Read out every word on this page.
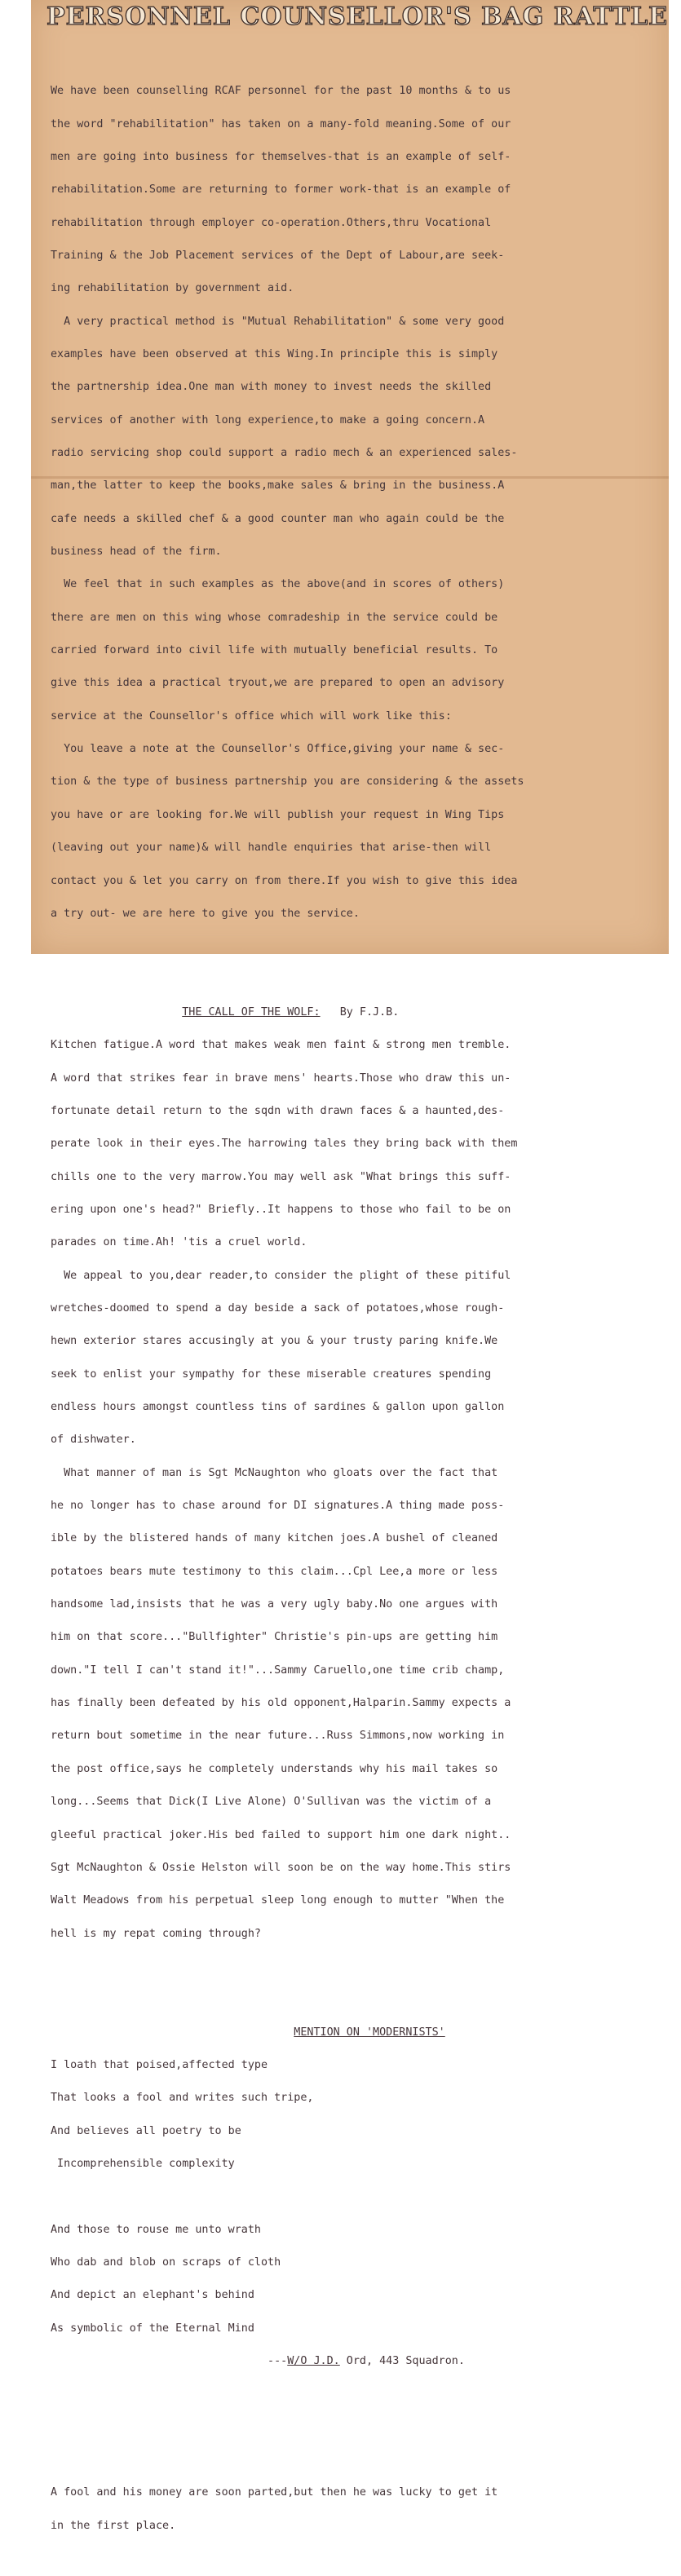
PERSONNEL COUNSELLOR'S BAG RATTLE

We have been counselling RCAF personnel for the past 10 months & to us

the word "rehabilitation" has taken on a many-fold meaning.Some of our

men are going into business for themselves-that is an example of self-

rehabilitation.Some are returning to former work-that is an example of

rehabilitation through employer co-operation.Others,thru Vocational

Training & the Job Placement services of the Dept of Labour,are seek-

ing rehabilitation by government aid.

A very practical method is "Mutual Rehabilitation" & some very good

examples have been observed at this Wing.In principle this is simply

the partnership idea.One man with money to invest needs the skilled

services of another with long experience,to make a going concern.A

radio servicing shop could support a radio mech & an experienced sales-

man,the latter to keep the books,make sales & bring in the business.A

cafe needs a skilled chef & a good counter man who again could be the

business head of the firm.

We feel that in such examples as the above(and in scores of others)

there are men on this wing whose comradeship in the service could be

carried forward into civil life with mutually beneficial results. To

give this idea a practical tryout,we are prepared to open an advisory

service at the Counsellor's office which will work like this:

You leave a note at the Counsellor's Office,giving your name & sec-

tion & the type of business partnership you are considering & the assets

you have or are looking for.We will publish your request in Wing Tips

(leaving out your name)& will handle enquiries that arise-then will

contact you & let you carry on from there.If you wish to give this idea

a try out- we are here to give you the service.

THE CALL OF THE WOLF: By F.J.B.

Kitchen fatigue.A word that makes weak men faint & strong men tremble.

A word that strikes fear in brave mens' hearts.Those who draw this un-

fortunate detail return to the sqdn with drawn faces & a haunted,des-

perate look in their eyes.The harrowing tales they bring back with them

chills one to the very marrow.You may well ask "What brings this suff-

ering upon one's head?" Briefly..It happens to those who fail to be on

parades on time.Ah! 'tis a cruel world.

We appeal to you,dear reader,to consider the plight of these pitiful

wretches-doomed to spend a day beside a sack of potatoes,whose rough-

hewn exterior stares accusingly at you & your trusty paring knife.We

seek to enlist your sympathy for these miserable creatures spending

endless hours amongst countless tins of sardines & gallon upon gallon

of dishwater.

What manner of man is Sgt McNaughton who gloats over the fact that

he no longer has to chase around for DI signatures.A thing made poss-

ible by the blistered hands of many kitchen joes.A bushel of cleaned

potatoes bears mute testimony to this claim...Cpl Lee,a more or less

handsome lad,insists that he was a very ugly baby.No one argues with

him on that score..."Bullfighter" Christie's pin-ups are getting him

down."I tell I can't stand it!"...Sammy Caruello,one time crib champ,

has finally been defeated by his old opponent,Halparin.Sammy expects a

return bout sometime in the near future...Russ Simmons,now working in

the post office,says he completely understands why his mail takes so

long...Seems that Dick(I Live Alone) O'Sullivan was the victim of a

gleeful practical joker.His bed failed to support him one dark night..

Sgt McNaughton & Ossie Helston will soon be on the way home.This stirs

Walt Meadows from his perpetual sleep long enough to mutter "When the

hell is my repat coming through?

MENTION ON 'MODERNISTS'

I loath that poised,affected type

That looks a fool and writes such tripe,

And believes all poetry to be

Incomprehensible complexity

And those to rouse me unto wrath

Who dab and blob on scraps of cloth

And depict an elephant's behind

As symbolic of the Eternal Mind

---W/O J.D. Ord, 443 Squadron.

A fool and his money are soon parted,but then he was lucky to get it

in the first place.
